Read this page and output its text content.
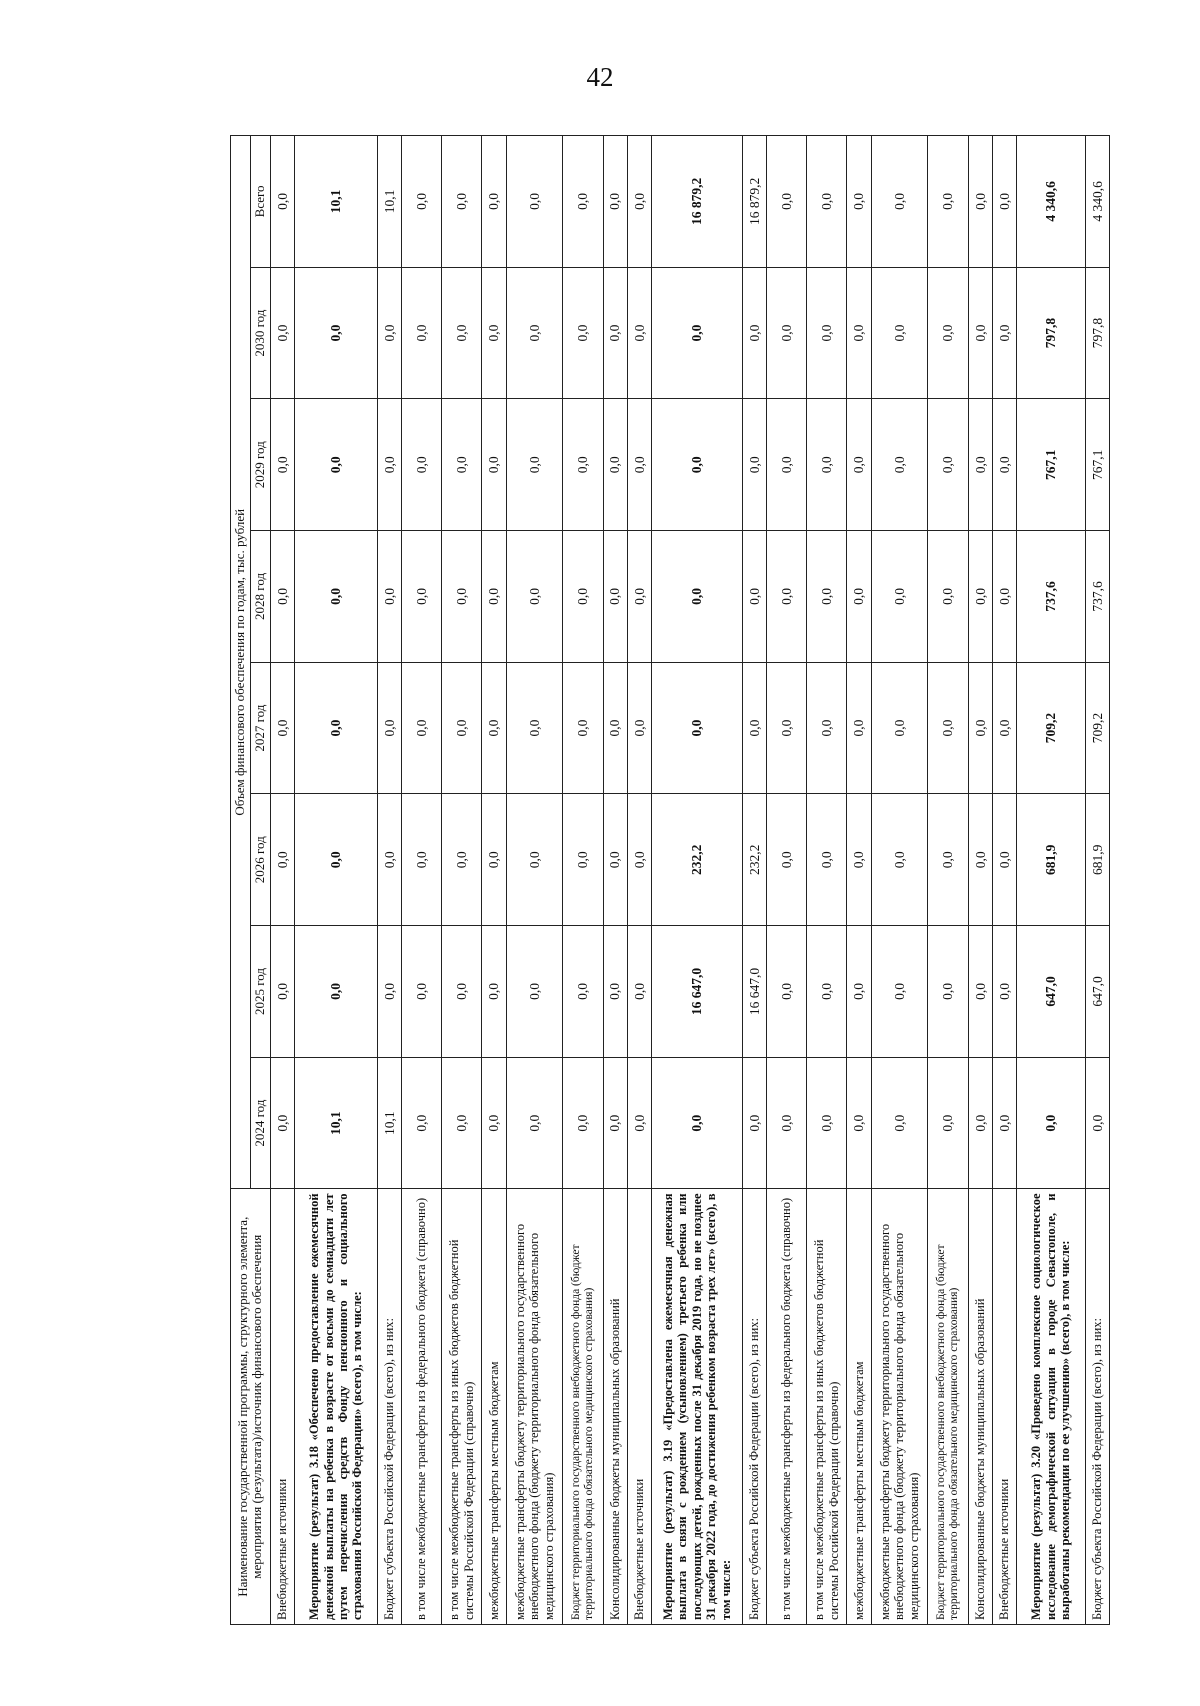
42
Наименование государственной программы, структурного элемента, мероприятия (результата)/источник финансового обеспечения	Объем финансового обеспечения по годам, тыс. рублей							
	2024 год	2025 год	2026 год	2027 год	2028 год	2029 год	2030 год	Всего
Внебюджетные источники	0,0	0,0	0,0	0,0	0,0	0,0	0,0	0,0
Мероприятие (результат) 3.18 «Обеспечено предоставление ежемесячной денежной выплаты на ребенка в возрасте от восьми до семнадцати лет путем перечисления средств Фонду пенсионного и социального страхования Российской Федерации» (всего), в том числе:	10,1	0,0	0,0	0,0	0,0	0,0	0,0	10,1
Бюджет субъекта Российской Федерации (всего), из них:	10,1	0,0	0,0	0,0	0,0	0,0	0,0	10,1
в том числе межбюджетные трансферты из федерального бюджета (справочно)	0,0	0,0	0,0	0,0	0,0	0,0	0,0	0,0
в том числе межбюджетные трансферты из иных бюджетов бюджетной системы Российской Федерации (справочно)	0,0	0,0	0,0	0,0	0,0	0,0	0,0	0,0
межбюджетные трансферты местным бюджетам	0,0	0,0	0,0	0,0	0,0	0,0	0,0	0,0
межбюджетные трансферты бюджету территориального государственного внебюджетного фонда (бюджету территориального фонда обязательного медицинского страхования)	0,0	0,0	0,0	0,0	0,0	0,0	0,0	0,0
Бюджет территориального государственного внебюджетного фонда (бюджет территориального фонда обязательного медицинского страхования)	0,0	0,0	0,0	0,0	0,0	0,0	0,0	0,0
Консолидированные бюджеты муниципальных образований	0,0	0,0	0,0	0,0	0,0	0,0	0,0	0,0
Внебюджетные источники	0,0	0,0	0,0	0,0	0,0	0,0	0,0	0,0
Мероприятие (результат) 3.19 «Предоставлена ежемесячная денежная выплата в связи с рождением (усыновлением) третьего ребенка или последующих детей, рожденных после 31 декабря 2019 года, но не позднее 31 декабря 2022 года, до достижения ребенком возраста трех лет» (всего), в том числе:	0,0	16 647,0	232,2	0,0	0,0	0,0	0,0	16 879,2
Бюджет субъекта Российской Федерации (всего), из них:	0,0	16 647,0	232,2	0,0	0,0	0,0	0,0	16 879,2
в том числе межбюджетные трансферты из федерального бюджета (справочно)	0,0	0,0	0,0	0,0	0,0	0,0	0,0	0,0
в том числе межбюджетные трансферты из иных бюджетов бюджетной системы Российской Федерации (справочно)	0,0	0,0	0,0	0,0	0,0	0,0	0,0	0,0
межбюджетные трансферты местным бюджетам	0,0	0,0	0,0	0,0	0,0	0,0	0,0	0,0
межбюджетные трансферты бюджету территориального государственного внебюджетного фонда (бюджету территориального фонда обязательного медицинского страхования)	0,0	0,0	0,0	0,0	0,0	0,0	0,0	0,0
Бюджет территориального государственного внебюджетного фонда (бюджет территориального фонда обязательного медицинского страхования)	0,0	0,0	0,0	0,0	0,0	0,0	0,0	0,0
Консолидированные бюджеты муниципальных образований	0,0	0,0	0,0	0,0	0,0	0,0	0,0	0,0
Внебюджетные источники	0,0	0,0	0,0	0,0	0,0	0,0	0,0	0,0
Мероприятие (результат) 3.20 «Проведено комплексное социологическое исследование демографической ситуации в городе Севастополе, и выработаны рекомендации по ее улучшению» (всего), в том числе:	0,0	647,0	681,9	709,2	737,6	767,1	797,8	4 340,6
Бюджет субъекта Российской Федерации (всего), из них:	0,0	647,0	681,9	709,2	737,6	767,1	797,8	4 340,6
